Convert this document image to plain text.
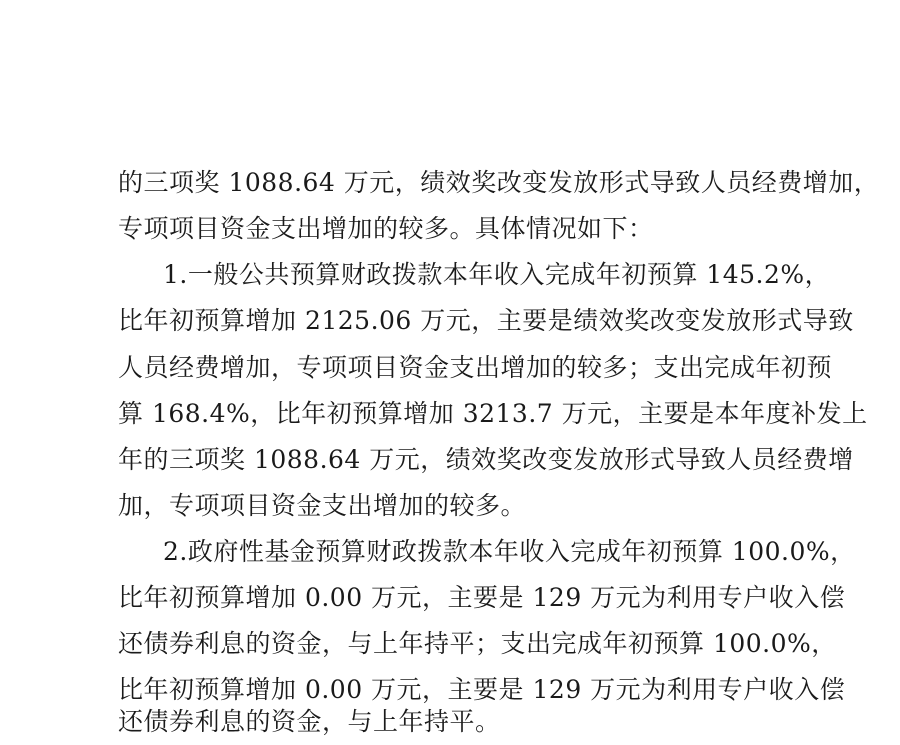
的三项奖 1088.64 万元，绩效奖改变发放形式导致人员经费增加，
专项项目资金支出增加的较多。具体情况如下：
1.一般公共预算财政拨款本年收入完成年初预算 145.2%，
比年初预算增加 2125.06 万元，主要是绩效奖改变发放形式导致
人员经费增加，专项项目资金支出增加的较多；支出完成年初预
算 168.4%，比年初预算增加 3213.7 万元，主要是本年度补发上
年的三项奖 1088.64 万元，绩效奖改变发放形式导致人员经费增
加，专项项目资金支出增加的较多。
2.政府性基金预算财政拨款本年收入完成年初预算 100.0%，
比年初预算增加 0.00 万元，主要是 129 万元为利用专户收入偿
还债券利息的资金，与上年持平；支出完成年初预算 100.0%，
比年初预算增加 0.00 万元，主要是 129 万元为利用专户收入偿
还债券利息的资金，与上年持平。
